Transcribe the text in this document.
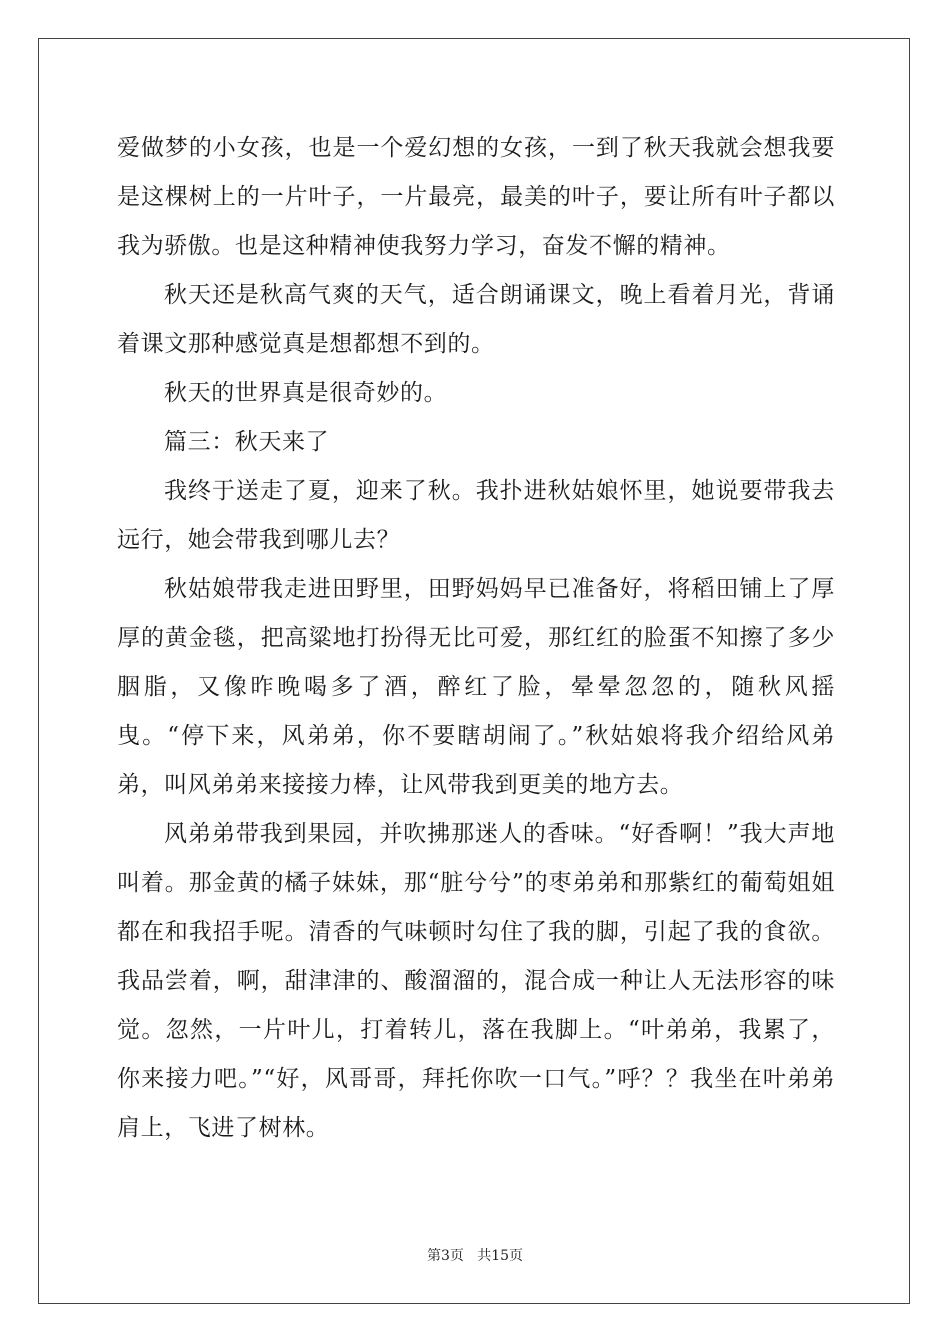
爱做梦的小女孩，也是一个爱幻想的女孩，一到了秋天我就会想我要是这棵树上的一片叶子，一片最亮，最美的叶子，要让所有叶子都以我为骄傲。也是这种精神使我努力学习，奋发不懈的精神。

秋天还是秋高气爽的天气，适合朗诵课文，晚上看着月光，背诵着课文那种感觉真是想都想不到的。

秋天的世界真是很奇妙的。

篇三：秋天来了

我终于送走了夏，迎来了秋。我扑进秋姑娘怀里，她说要带我去远行，她会带我到哪儿去？

秋姑娘带我走进田野里，田野妈妈早已准备好，将稻田铺上了厚厚的黄金毯，把高粱地打扮得无比可爱，那红红的脸蛋不知擦了多少胭脂，又像昨晚喝多了酒，醉红了脸，晕晕忽忽的，随秋风摇曳。“停下来，风弟弟，你不要瞎胡闹了。”秋姑娘将我介绍给风弟弟，叫风弟弟来接接力棒，让风带我到更美的地方去。

风弟弟带我到果园，并吹拂那迷人的香味。“好香啊！”我大声地叫着。那金黄的橘子妹妹，那“脏兮兮”的枣弟弟和那紫红的葡萄姐姐都在和我招手呢。清香的气味顿时勾住了我的脚，引起了我的食欲。我品尝着，啊，甜津津的、酸溜溜的，混合成一种让人无法形容的味觉。忽然，一片叶儿，打着转儿，落在我脚上。“叶弟弟，我累了，你来接力吧。”“好，风哥哥，拜托你吹一口气。”呼？？我坐在叶弟弟肩上，飞进了树林。

第3页   共15页
